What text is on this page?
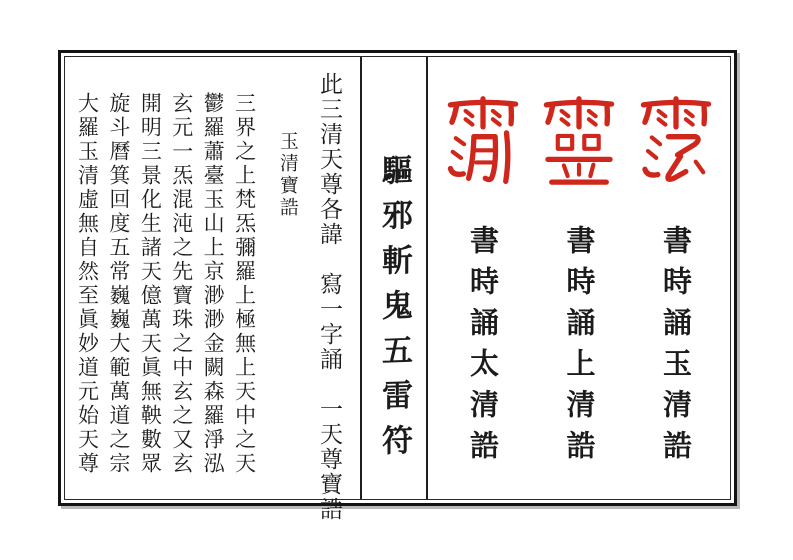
此三清天尊各諱　寫一字誦　一天尊寶誥
玉清寶誥
三界之上梵炁彌羅上極無上天中之天
鬱羅蕭臺玉山上京渺渺金闕森羅淨泓
玄元一炁混沌之先寶珠之中玄之又玄
開明三景化生諸天億萬天眞無鞅數眾
旋斗曆箕回度五常巍巍大範萬道之宗
大羅玉清虛無自然至眞妙道元始天尊	驅邪斬鬼五雷符	書時誦玉清誥
書時誦上清誥
書時誦太清誥
